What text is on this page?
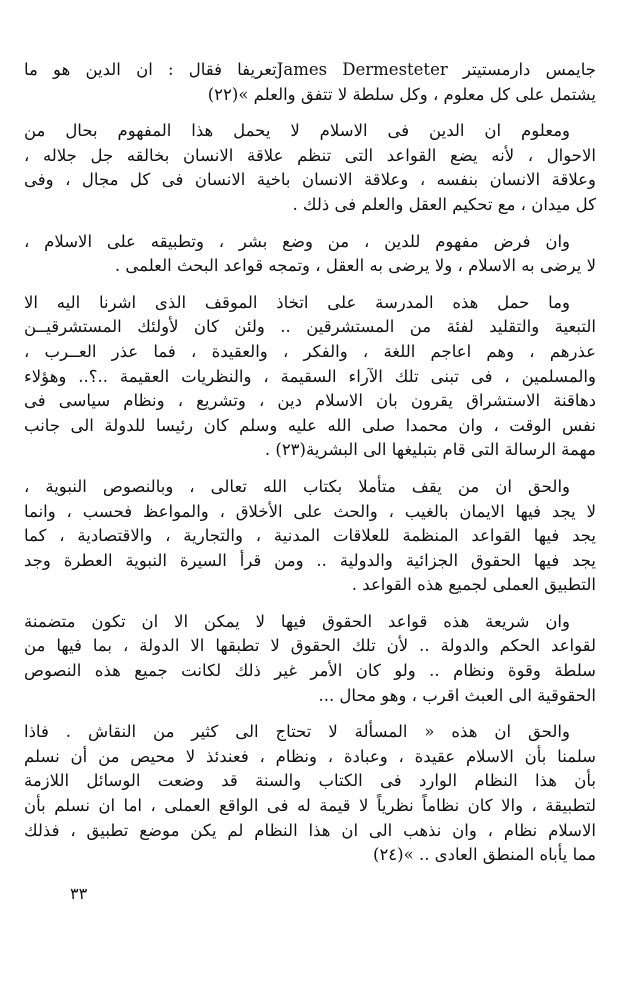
جايمس دارمستيتر James Dermesteterتعريفا فقال : ان الدين هو ما
يشتمل على كل معلوم ، وكل سلطة لا تتفق والعلم »(٢٢)

ومعلوم ان الدين فى الاسلام لا يحمل هذا المفهوم بحال من
الاحوال ، لأنه يضع القواعد التى تنظم علاقة الانسان بخالقه جل جلاله ،
وعلاقة الانسان بنفسه ، وعلاقة الانسان باخية الانسان فى كل مجال ، وفى
كل ميدان ، مع تحكيم العقل والعلم فى ذلك .

وان فرض مفهوم للدين ، من وضع بشر ، وتطبيقه على الاسلام ،
لا يرضى به الاسلام ، ولا يرضى به العقل ، وتمجه قواعد البحث العلمى .

وما حمل هذه المدرسة على اتخاذ الموقف الذى اشرنا اليه الا
التبعية والتقليد لفئة من المستشرقين .. ولئن كان لأولئك المستشرقيــن
عذرهم ، وهم اعاجم اللغة ، والفكر ، والعقيدة ، فما عذر العــرب ،
والمسلمين ، فى تبنى تلك الآراء السقيمة ، والنظريات العقيمة ..؟.. وهؤلاء
دهاقنة الاستشراق يقرون بان الاسلام دين ، وتشريع ، ونظام سياسى فى
نفس الوقت ، وان محمدا صلى الله عليه وسلم كان رئيسا للدولة الى جانب
مهمة الرسالة التى قام بتبليغها الى البشرية(٢٣) .

والحق ان من يقف متأملا بكتاب الله تعالى ، وبالنصوص النبوية ،
لا يجد فيها الايمان بالغيب ، والحث على الأخلاق ، والمواعظ فحسب ، وانما
يجد فيها القواعد المنظمة للعلاقات المدنية ، والتجارية ، والاقتصادية ، كما
يجد فيها الحقوق الجزائية والدولية .. ومن قرأ السيرة النبوية العطرة وجد
التطبيق العملى لجميع هذه القواعد .

وان شريعة هذه قواعد الحقوق فيها لا يمكن الا ان تكون متضمنة
لقواعد الحكم والدولة .. لأن تلك الحقوق لا تطبقها الا الدولة ، بما فيها من
سلطة وقوة ونظام .. ولو كان الأمر غير ذلك لكانت جميع هذه النصوص
الحقوقية الى العبث اقرب ، وهو محال ...

والحق ان هذه « المسألة لا تحتاج الى كثير من النقاش . فاذا
سلمنا بأن الاسلام عقيدة ، وعبادة ، ونظام ، فعندئذ لا محيص من أن نسلم
بأن هذا النظام الوارد فى الكتاب والسنة قد وضعت الوسائل اللازمة
لتطبيقة ، والا كان نظاماً نظرياً لا قيمة له فى الواقع العملى ، اما ان نسلم بأن
الاسلام نظام ، وان نذهب الى ان هذا النظام لم يكن موضع تطبيق ، فذلك
مما يأباه المنطق العادى .. »(٢٤)

٣٣
